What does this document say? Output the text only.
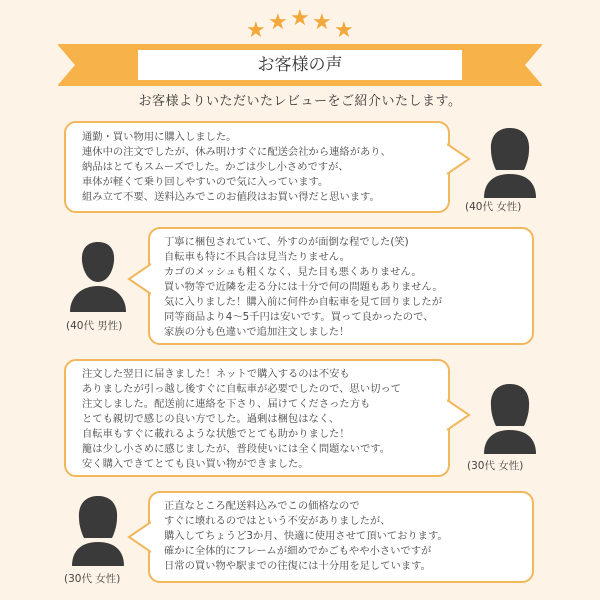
★ ★ ★ ★ ★
お客様の声
お客様よりいただいたレビューをご紹介いたします。
通勤・買い物用に購入しました。
連休中の注文でしたが、休み明けすぐに配送会社から連絡があり、
納品はとてもスムーズでした。かごは少し小さめですが、
車体が軽くて乗り回しやすいので気に入っています。
組み立て不要、送料込みでこのお値段はお買い得だと思います。
(40代 女性)
丁寧に梱包されていて、外すのが面倒な程でした(笑)
自転車も特に不具合は見当たりません。
カゴのメッシュも粗くなく、見た目も悪くありません。
買い物等で近隣を走る分には十分で何の問題もありません。
気に入りました！購入前に何件か自転車を見て回りましたが
同等商品より4～5千円は安いです。買って良かったので、
家族の分も色違いで追加注文しました！
(40代 男性)
注文した翌日に届きました！ネットで購入するのは不安も
ありましたが引っ越し後すぐに自転車が必要でしたので、思い切って
注文しました。配送前に連絡を下さり、届けてくださった方も
とても親切で感じの良い方でした。過剰は梱包はなく、
自転車もすぐに載れるような状態でとても助かりました！
籠は少し小さめに感じましたが、普段使いには全く問題ないです。
安く購入できてとても良い買い物ができました。	(30代 女性)
正直なところ配送料込みでこの価格なので
すぐに壊れるのではという不安がありましたが、
購入してちょうど3か月、快適に使用させて頂いております。
確かに全体的にフレームが細めでかごもやや小さいですが
日常の買い物や駅までの往復には十分用を足しています。
(30代 女性)
